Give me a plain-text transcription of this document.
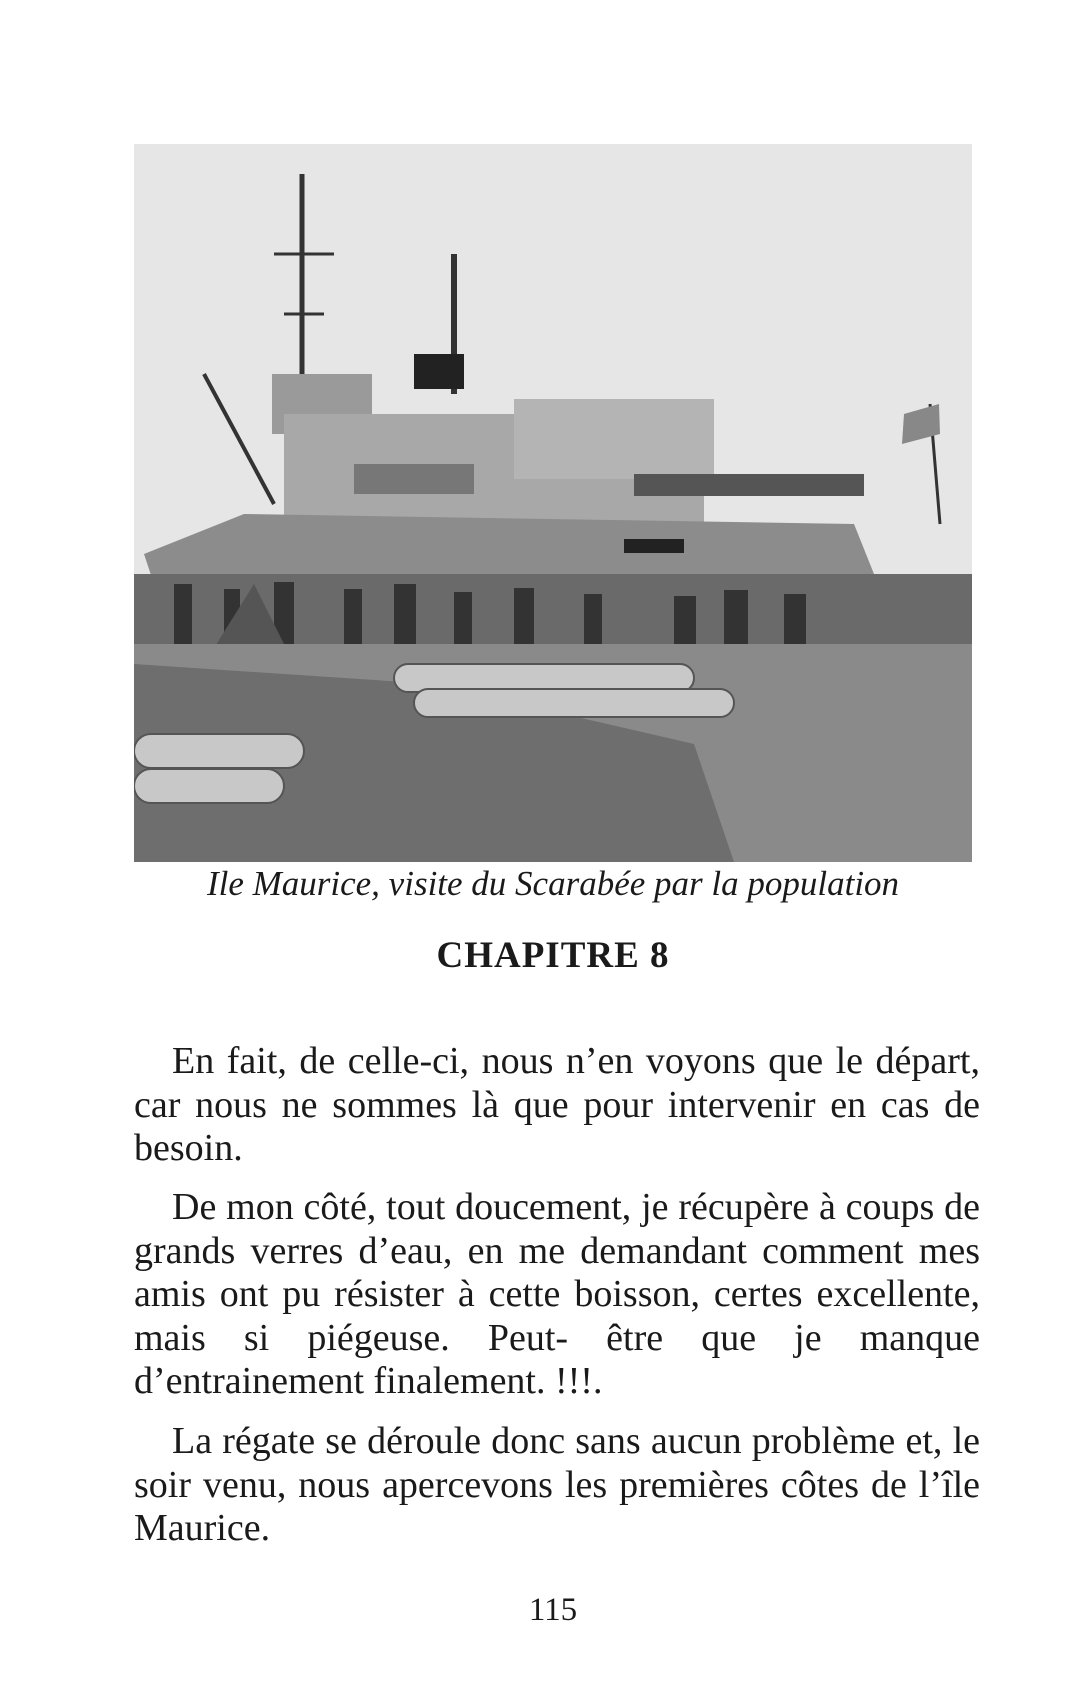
Ile Maurice, visite du Scarabée par la population
CHAPITRE 8

En fait, de celle-ci, nous n’en voyons que le départ, car nous ne sommes là que pour intervenir en cas de besoin.

De mon côté, tout doucement, je récupère à coups de grands verres d’eau, en me demandant comment mes amis ont pu résister à cette boisson, certes excellente, mais si piégeuse. Peut- être que je manque d’entrainement finalement. !!!.

La régate se déroule donc sans aucun problème et, le soir venu, nous apercevons les premières côtes de l’île Maurice.

115
